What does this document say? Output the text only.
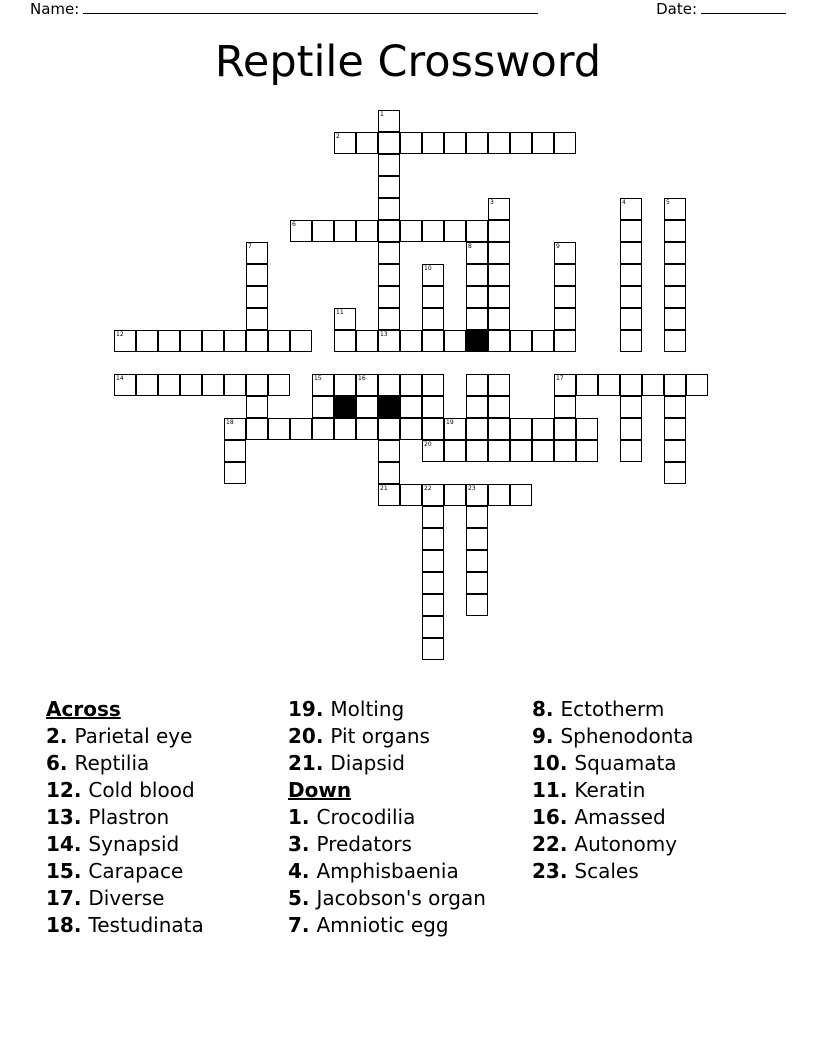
Name:	Date:
Reptile Crossword
1
2
3	4	5
6
7	8	9
10
11
12	13
14	15	16	17
18	19
20
21	22	23
Across
2. Parietal eye
6. Reptilia
12. Cold blood
13. Plastron
14. Synapsid
15. Carapace
17. Diverse
18. Testudinata
19. Molting
20. Pit organs
21. Diapsid
Down
1. Crocodilia
3. Predators
4. Amphisbaenia
5. Jacobson's organ
7. Amniotic egg
8. Ectotherm
9. Sphenodonta
10. Squamata
11. Keratin
16. Amassed
22. Autonomy
23. Scales
